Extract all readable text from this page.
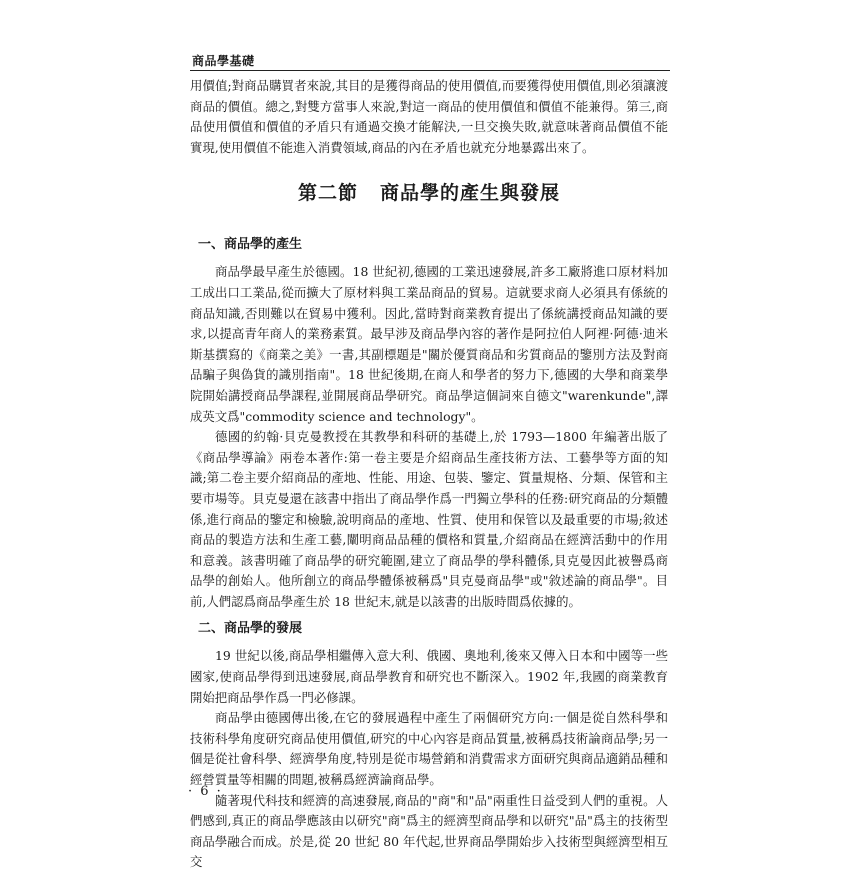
商品學基礎

用價值;對商品購買者來說,其目的是獲得商品的使用價值,而要獲得使用價值,則必須讓渡商品的價值。總之,對雙方當事人來說,對這一商品的使用價值和價值不能兼得。第三,商品使用價值和價值的矛盾只有通過交換才能解決,一旦交換失敗,就意味著商品價值不能實現,使用價值不能進入消費領域,商品的內在矛盾也就充分地暴露出來了。

第二節 商品學的產生與發展
一、商品學的產生

商品學最早產生於德國。18 世紀初,德國的工業迅速發展,許多工廠將進口原材料加工成出口工業品,從而擴大了原材料與工業品商品的貿易。這就要求商人必須具有係統的商品知識,否則難以在貿易中獲利。因此,當時對商業教育提出了係統講授商品知識的要求,以提高青年商人的業務素質。最早涉及商品學內容的著作是阿拉伯人阿裡·阿德·迪米斯基撰寫的《商業之美》一書,其副標題是"關於優質商品和劣質商品的鑒別方法及對商品騙子與偽貨的識別指南"。18 世紀後期,在商人和學者的努力下,德國的大學和商業學院開始講授商品學課程,並開展商品學研究。商品學這個詞來自德文"warenkunde",譯成英文爲"commodity science and technology"。

德國的約翰·貝克曼教授在其教學和科研的基礎上,於 1793—1800 年編著出版了《商品學導論》兩卷本著作:第一卷主要是介紹商品生產技術方法、工藝學等方面的知識;第二卷主要介紹商品的產地、性能、用途、包裝、鑒定、質量規格、分類、保管和主要市場等。貝克曼還在該書中指出了商品學作爲一門獨立學科的任務:研究商品的分類體係,進行商品的鑒定和檢驗,說明商品的產地、性質、使用和保管以及最重要的市場;敘述商品的製造方法和生產工藝,闡明商品品種的價格和質量,介紹商品在經濟活動中的作用和意義。該書明確了商品學的研究範圍,建立了商品學的學科體係,貝克曼因此被譽爲商品學的創始人。他所創立的商品學體係被稱爲"貝克曼商品學"或"敘述論的商品學"。目前,人們認爲商品學產生於 18 世紀末,就是以該書的出版時間爲依據的。

二、商品學的發展

19 世紀以後,商品學相繼傳入意大利、俄國、奧地利,後來又傳入日本和中國等一些國家,使商品學得到迅速發展,商品學教育和研究也不斷深入。1902 年,我國的商業教育開始把商品學作爲一門必修課。

商品學由德國傳出後,在它的發展過程中產生了兩個研究方向:一個是從自然科學和技術科學角度研究商品使用價值,研究的中心內容是商品質量,被稱爲技術論商品學;另一個是從社會科學、經濟學角度,特別是從市場營銷和消費需求方面研究與商品適銷品種和經營質量等相關的問題,被稱爲經濟論商品學。

隨著現代科技和經濟的高速發展,商品的"商"和"品"兩重性日益受到人們的重視。人們感到,真正的商品學應該由以研究"商"爲主的經濟型商品學和以研究"品"爲主的技術型商品學融合而成。於是,從 20 世紀 80 年代起,世界商品學開始步入技術型與經濟型相互交

· 6 ·
